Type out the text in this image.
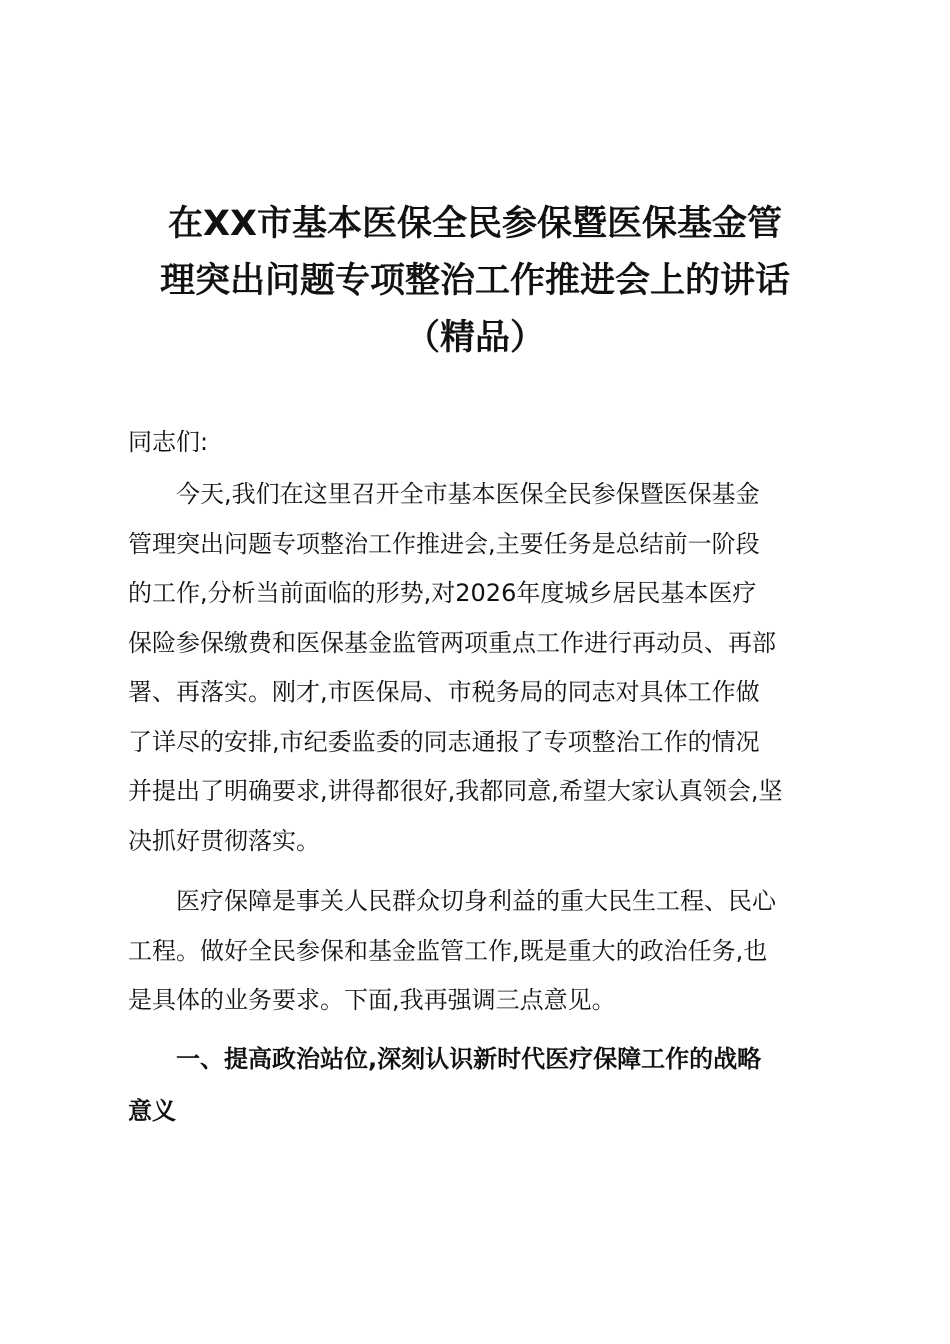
在XX市基本医保全民参保暨医保基金管
理突出问题专项整治工作推进会上的讲话
（精品）
同志们:
今天,我们在这里召开全市基本医保全民参保暨医保基金
管理突出问题专项整治工作推进会,主要任务是总结前一阶段
的工作,分析当前面临的形势,对2026年度城乡居民基本医疗
保险参保缴费和医保基金监管两项重点工作进行再动员、再部
署、再落实。刚才,市医保局、市税务局的同志对具体工作做
了详尽的安排,市纪委监委的同志通报了专项整治工作的情况
并提出了明确要求,讲得都很好,我都同意,希望大家认真领会,坚
决抓好贯彻落实。
医疗保障是事关人民群众切身利益的重大民生工程、民心
工程。做好全民参保和基金监管工作,既是重大的政治任务,也
是具体的业务要求。下面,我再强调三点意见。
一、提高政治站位,深刻认识新时代医疗保障工作的战略
意义
